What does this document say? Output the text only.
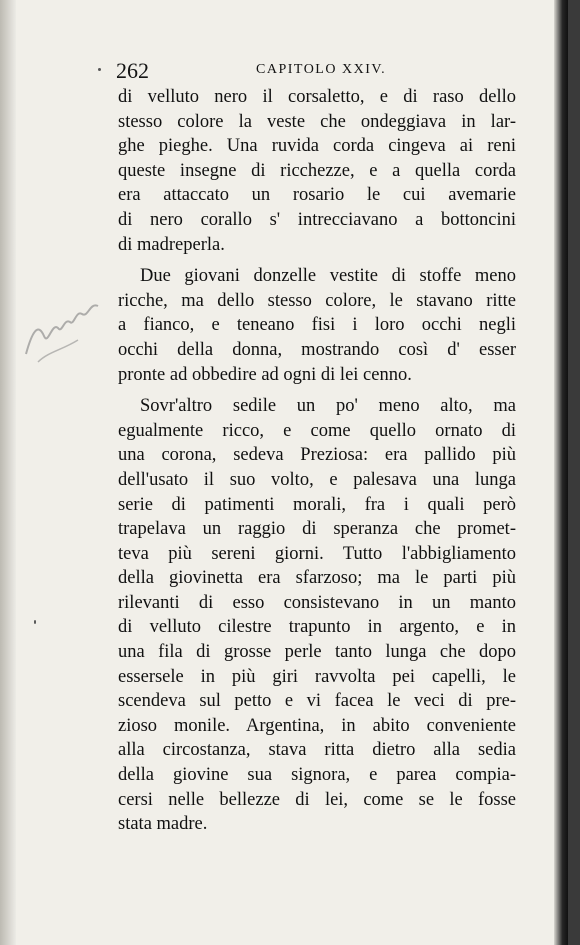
262	CAPITOLO XXIV.
di velluto nero il corsaletto, e di raso dello
stesso colore la veste che ondeggiava in lar-
ghe pieghe. Una ruvida corda cingeva ai reni
queste insegne di ricchezze, e a quella corda
era attaccato un rosario le cui avemarie
di nero corallo s' intrecciavano a bottoncini
di madreperla.
Due giovani donzelle vestite di stoffe meno
ricche, ma dello stesso colore, le stavano ritte
a fianco, e teneano fisi i loro occhi negli
occhi della donna, mostrando così d' esser
pronte ad obbedire ad ogni di lei cenno.
Sovr'altro sedile un po' meno alto, ma
egualmente ricco, e come quello ornato di
una corona, sedeva Preziosa: era pallido più
dell'usato il suo volto, e palesava una lunga
serie di patimenti morali, fra i quali però
trapelava un raggio di speranza che promet-
teva più sereni giorni. Tutto l'abbigliamento
della giovinetta era sfarzoso; ma le parti più
rilevanti di esso consistevano in un manto
di velluto cilestre trapunto in argento, e in
una fila di grosse perle tanto lunga che dopo
essersele in più giri ravvolta pei capelli, le
scendeva sul petto e vi facea le veci di pre-
zioso monile. Argentina, in abito conveniente
alla circostanza, stava ritta dietro alla sedia
della giovine sua signora, e parea compia-
cersi nelle bellezze di lei, come se le fosse
stata madre.
